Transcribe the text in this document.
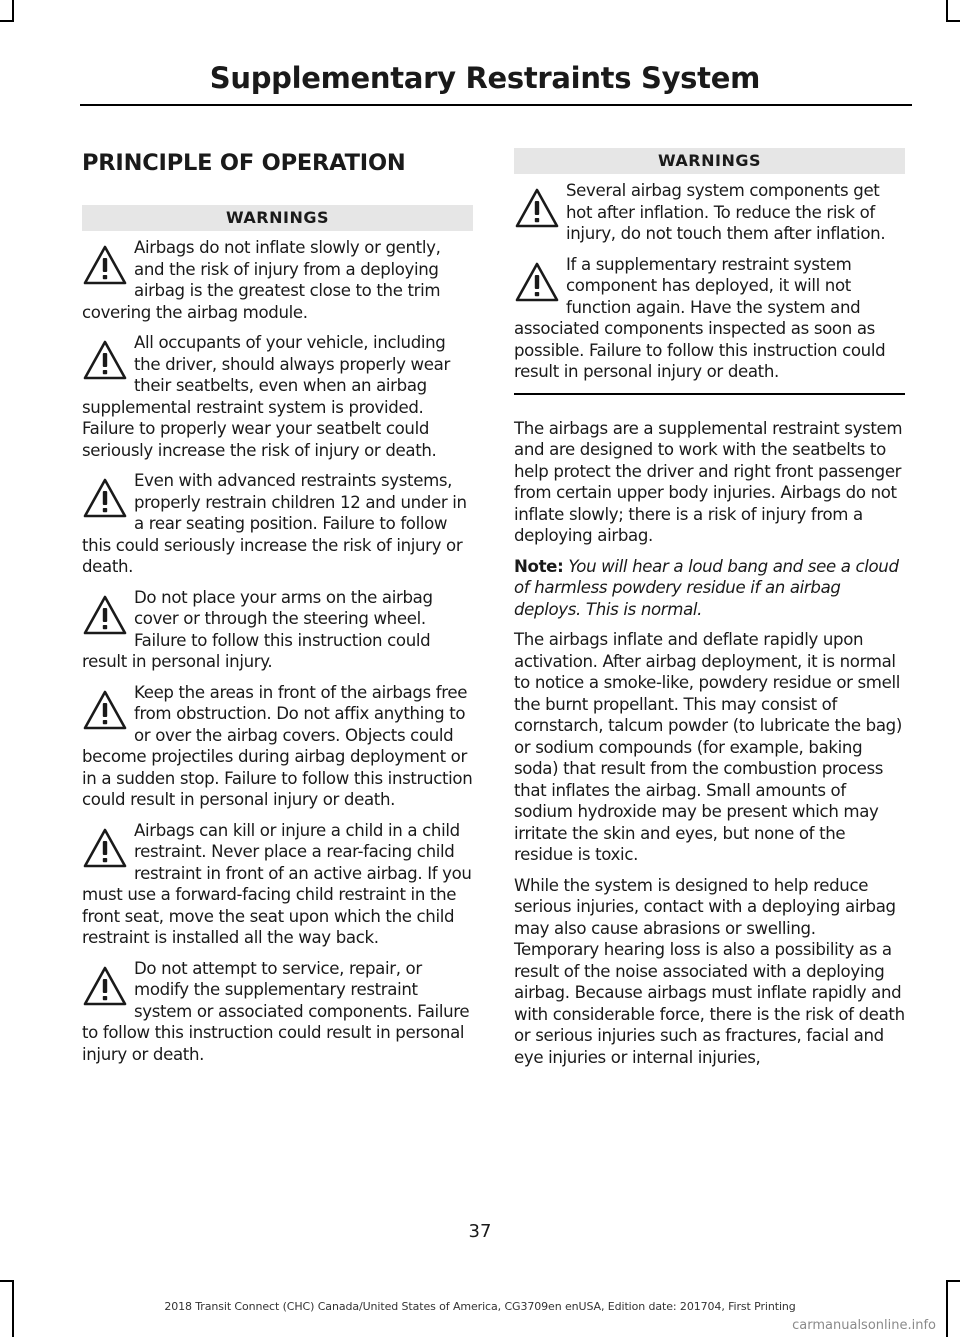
Supplementary Restraints System
PRINCIPLE OF OPERATION
WARNINGS
Airbags do not inflate slowly or gently, and the risk of injury from a deploying airbag is the greatest close to the trim covering the airbag module.
All occupants of your vehicle, including the driver, should always properly wear their seatbelts, even when an airbag supplemental restraint system is provided. Failure to properly wear your seatbelt could seriously increase the risk of injury or death.
Even with advanced restraints systems, properly restrain children 12 and under in a rear seating position. Failure to follow this could seriously increase the risk of injury or death.
Do not place your arms on the airbag cover or through the steering wheel. Failure to follow this instruction could result in personal injury.
Keep the areas in front of the airbags free from obstruction. Do not affix anything to or over the airbag covers. Objects could become projectiles during airbag deployment or in a sudden stop. Failure to follow this instruction could result in personal injury or death.
Airbags can kill or injure a child in a child restraint. Never place a rear-facing child restraint in front of an active airbag. If you must use a forward-facing child restraint in the front seat, move the seat upon which the child restraint is installed all the way back.
Do not attempt to service, repair, or modify the supplementary restraint system or associated components. Failure to follow this instruction could result in personal injury or death.
WARNINGS
Several airbag system components get hot after inflation. To reduce the risk of injury, do not touch them after inflation.
If a supplementary restraint system component has deployed, it will not function again. Have the system and associated components inspected as soon as possible. Failure to follow this instruction could result in personal injury or death.

The airbags are a supplemental restraint system and are designed to work with the seatbelts to help protect the driver and right front passenger from certain upper body injuries. Airbags do not inflate slowly; there is a risk of injury from a deploying airbag.

Note: You will hear a loud bang and see a cloud of harmless powdery residue if an airbag deploys. This is normal.

The airbags inflate and deflate rapidly upon activation. After airbag deployment, it is normal to notice a smoke-like, powdery residue or smell the burnt propellant. This may consist of cornstarch, talcum powder (to lubricate the bag) or sodium compounds (for example, baking soda) that result from the combustion process that inflates the airbag. Small amounts of sodium hydroxide may be present which may irritate the skin and eyes, but none of the residue is toxic.

While the system is designed to help reduce serious injuries, contact with a deploying airbag may also cause abrasions or swelling. Temporary hearing loss is also a possibility as a result of the noise associated with a deploying airbag. Because airbags must inflate rapidly and with considerable force, there is the risk of death or serious injuries such as fractures, facial and eye injuries or internal injuries,

37
2018 Transit Connect (CHC) Canada/United States of America, CG3709en enUSA, Edition date: 201704, First Printing
carmanualsonline.info
